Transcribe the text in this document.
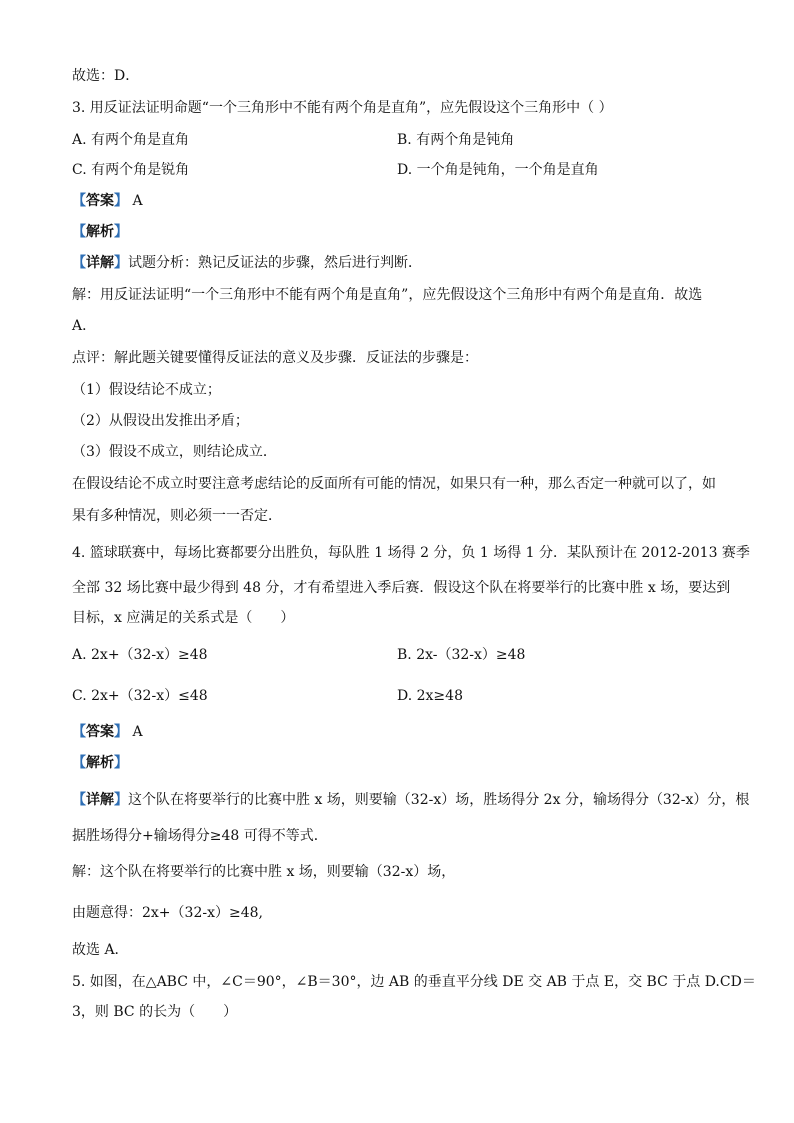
故选：D．
3. 用反证法证明命题“一个三角形中不能有两个角是直角”，应先假设这个三角形中（ ）
A. 有两个角是直角	B. 有两个角是钝角
C. 有两个角是锐角	D. 一个角是钝角，一个角是直角
【答案】 A
【解析】
【详解】试题分析：熟记反证法的步骤，然后进行判断．
解：用反证法证明“一个三角形中不能有两个角是直角”，应先假设这个三角形中有两个角是直角．故选
A．
点评：解此题关键要懂得反证法的意义及步骤．反证法的步骤是：
（1）假设结论不成立；
（2）从假设出发推出矛盾；
（3）假设不成立，则结论成立．
在假设结论不成立时要注意考虑结论的反面所有可能的情况，如果只有一种，那么否定一种就可以了，如
果有多种情况，则必须一一否定．
4. 篮球联赛中，每场比赛都要分出胜负，每队胜 1 场得 2 分，负 1 场得 1 分．某队预计在 2012-2013 赛季
全部 32 场比赛中最少得到 48 分，才有希望进入季后赛．假设这个队在将要举行的比赛中胜 x 场，要达到
目标，x 应满足的关系式是（　　）
A. 2x+（32-x）≥48	B. 2x-（32-x）≥48
C. 2x+（32-x）≤48	D. 2x≥48
【答案】 A
【解析】
【详解】这个队在将要举行的比赛中胜 x 场，则要输（32-x）场，胜场得分 2x 分，输场得分（32-x）分，根
据胜场得分+输场得分≥48 可得不等式．
解：这个队在将要举行的比赛中胜 x 场，则要输（32-x）场，
由题意得：2x+（32-x）≥48,
故选 A．
5. 如图，在△ABC 中，∠C＝90°，∠B＝30°，边 AB 的垂直平分线 DE 交 AB 于点 E，交 BC 于点 D.CD＝
3，则 BC 的长为（　　）
